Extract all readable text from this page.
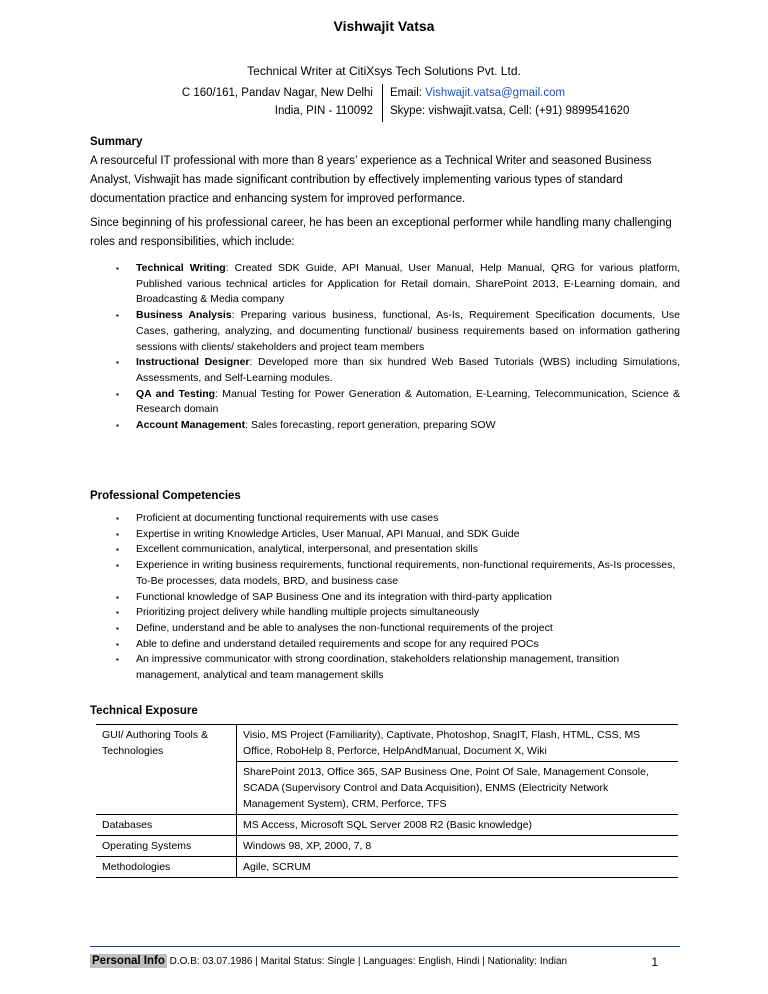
Vishwajit Vatsa
Technical Writer at CitiXsys Tech Solutions Pvt. Ltd.
C 160/161, Pandav Nagar, New Delhi
India, PIN - 110092
Email: Vishwajit.vatsa@gmail.com
Skype: vishwajit.vatsa, Cell: (+91) 9899541620
Summary
A resourceful IT professional with more than 8 years’ experience as a Technical Writer and seasoned Business Analyst, Vishwajit has made significant contribution by effectively implementing various types of standard documentation practice and enhancing system for improved performance.
Since beginning of his professional career, he has been an exceptional performer while handling many challenging roles and responsibilities, which include:
▪ Technical Writing: Created SDK Guide, API Manual, User Manual, Help Manual, QRG for various platform, Published various technical articles for Application for Retail domain, SharePoint 2013, E-Learning domain, and Broadcasting & Media company
▪ Business Analysis: Preparing various business, functional, As-Is, Requirement Specification documents, Use Cases, gathering, analyzing, and documenting functional/ business requirements based on information gathering sessions with clients/ stakeholders and project team members
▪ Instructional Designer: Developed more than six hundred Web Based Tutorials (WBS) including Simulations, Assessments, and Self-Learning modules.
▪ QA and Testing: Manual Testing for Power Generation & Automation, E-Learning, Telecommunication, Science & Research domain
▪ Account Management: Sales forecasting, report generation, preparing SOW
Professional Competencies
▪ Proficient at documenting functional requirements with use cases
▪ Expertise in writing Knowledge Articles, User Manual, API Manual, and SDK Guide
▪ Excellent communication, analytical, interpersonal, and presentation skills
▪ Experience in writing business requirements, functional requirements, non-functional requirements, As-Is processes, To-Be processes, data models, BRD, and business case
▪ Functional knowledge of SAP Business One and its integration with third-party application
▪ Prioritizing project delivery while handling multiple projects simultaneously
▪ Define, understand and be able to analyses the non-functional requirements of the project
▪ Able to define and understand detailed requirements and scope for any required POCs
▪ An impressive communicator with strong coordination, stakeholders relationship management, transition management, analytical and team management skills
Technical Exposure
GUI/ Authoring Tools & Technologies	Visio, MS Project (Familiarity), Captivate, Photoshop, SnagIT, Flash, HTML, CSS, MS Office, RoboHelp 8, Perforce, HelpAndManual, Document X, Wiki
	SharePoint 2013, Office 365, SAP Business One, Point Of Sale, Management Console, SCADA (Supervisory Control and Data Acquisition), ENMS (Electricity Network Management System), CRM, Perforce, TFS
Databases	MS Access, Microsoft SQL Server 2008 R2 (Basic knowledge)
Operating Systems	Windows 98, XP, 2000, 7, 8
Methodologies	Agile, SCRUM
Personal Info D.O.B: 03.07.1986 | Marital Status: Single | Languages: English, Hindi | Nationality: Indian	1
